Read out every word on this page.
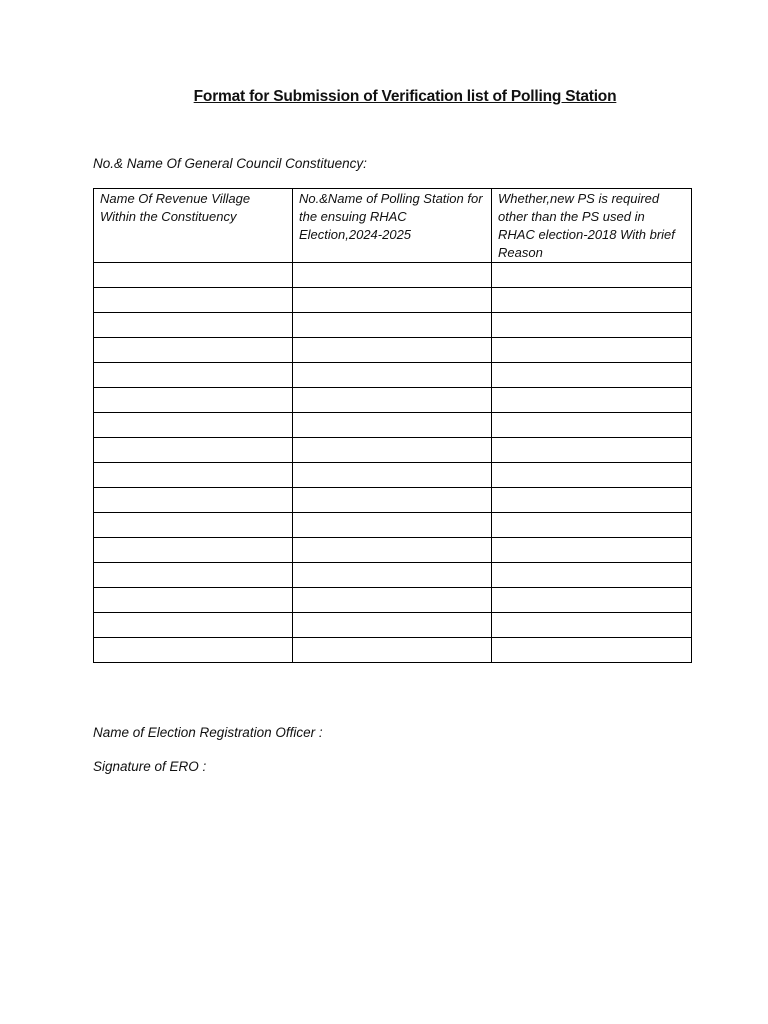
Format for Submission of Verification list of Polling Station
No.& Name Of General Council Constituency:
Name Of Revenue Village Within the Constituency	No.&Name of Polling Station for the ensuing RHAC Election,2024-2025	Whether,new PS is required other than the PS used in RHAC election-2018 With brief Reason

Name of Election Registration Officer :
Signature of ERO :
